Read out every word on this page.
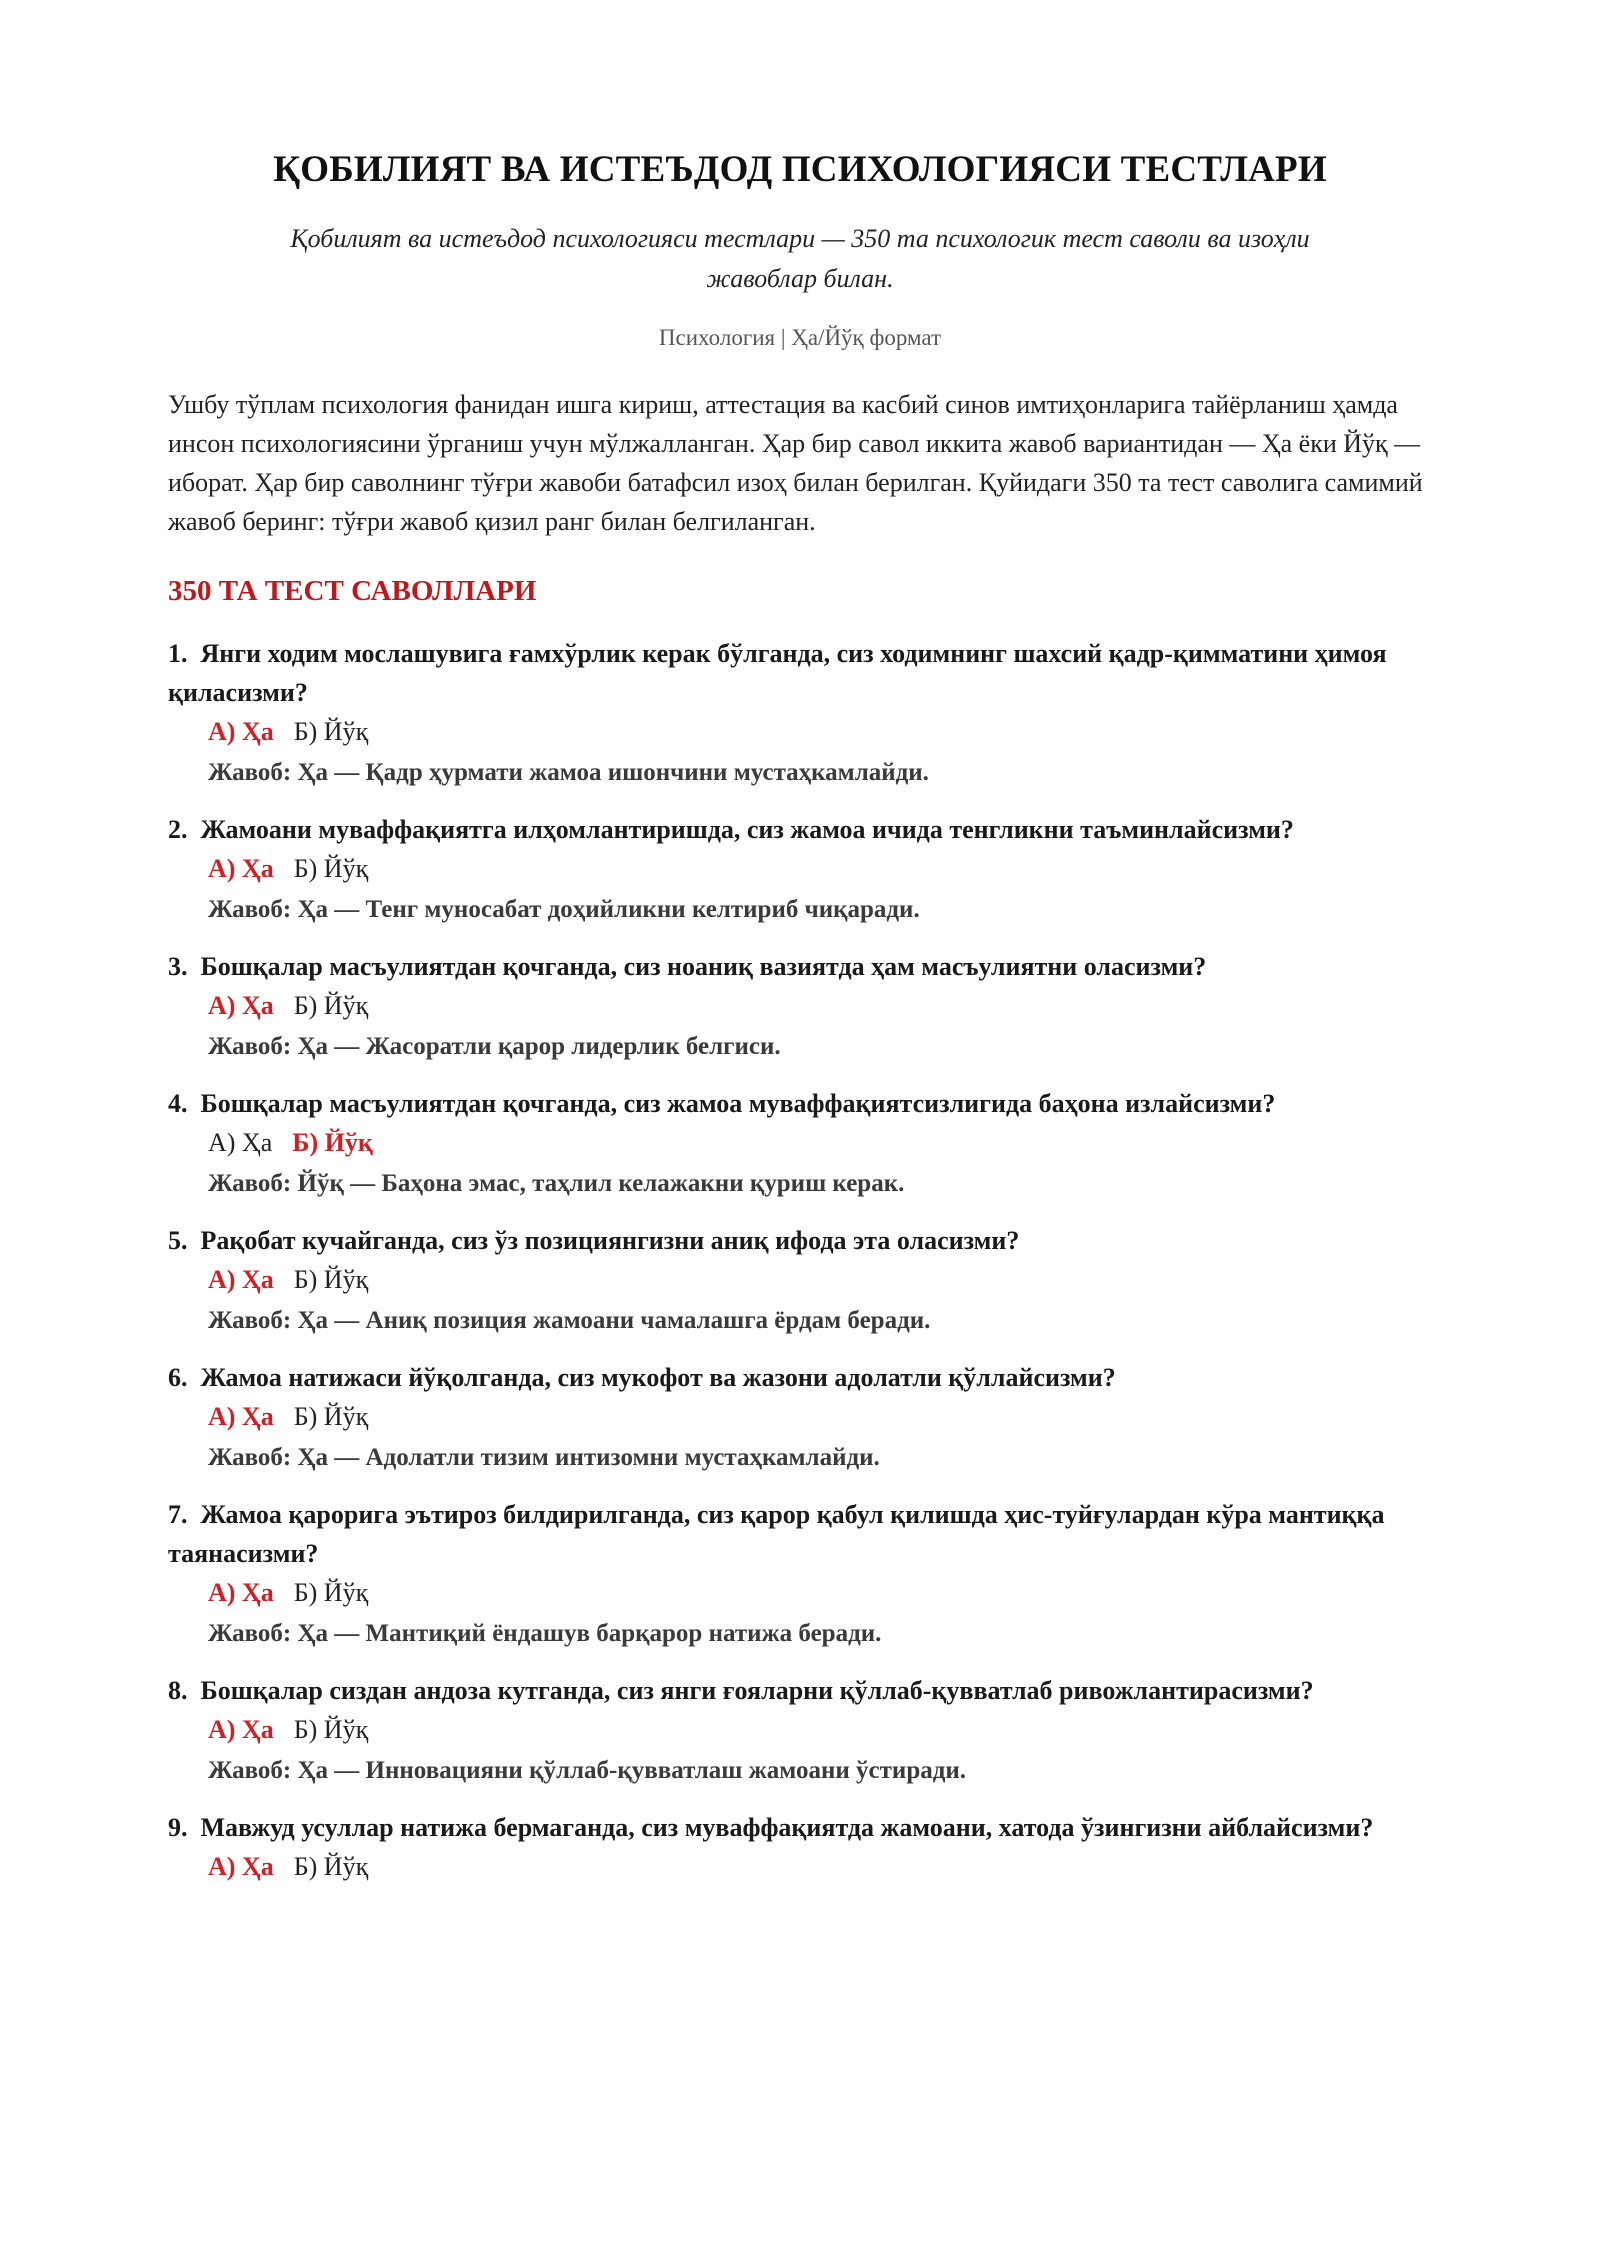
ҚОБИЛИЯТ ВА ИСТЕЪДОД ПСИХОЛОГИЯСИ ТЕСТЛАРИ
Қобилият ва истеъдод психологияси тестлари — 350 та психологик тест саволи ва изоҳли жавоблар билан.
Психология | Ҳа/Йўқ формат
Ушбу тўплам психология фанидан ишга кириш, аттестация ва касбий синов имтиҳонларига тайёрланиш ҳамда инсон психологиясини ўрганиш учун мўлжалланган. Ҳар бир савол иккита жавоб вариантидан — Ҳа ёки Йўқ — иборат. Ҳар бир саволнинг тўғри жавоби батафсил изоҳ билан берилган. Қуйидаги 350 та тест саволига самимий жавоб беринг: тўғри жавоб қизил ранг билан белгиланган.
350 ТА ТЕСТ САВОЛЛАРИ
1. Янги ходим мослашувига ғамхўрлик керак бўлганда, сиз ходимнинг шахсий қадр-қимматини ҳимоя қиласизми?
А) Ҳа Б) Йўқ
Жавоб: Ҳа — Қадр ҳурмати жамоа ишончини мустаҳкамлайди.
2. Жамоани муваффақиятга илҳомлантиришда, сиз жамоа ичида тенгликни таъминлайсизми?
А) Ҳа Б) Йўқ
Жавоб: Ҳа — Тенг муносабат доҳийликни келтириб чиқаради.
3. Бошқалар масъулиятдан қочганда, сиз ноаниқ вазиятда ҳам масъулиятни оласизми?
А) Ҳа Б) Йўқ
Жавоб: Ҳа — Жасоратли қарор лидерлик белгиси.
4. Бошқалар масъулиятдан қочганда, сиз жамоа муваффақиятсизлигида баҳона излайсизми?
А) Ҳа Б) Йўқ
Жавоб: Йўқ — Баҳона эмас, таҳлил келажакни қуриш керак.
5. Рақобат кучайганда, сиз ўз позициянгизни аниқ ифода эта оласизми?
А) Ҳа Б) Йўқ
Жавоб: Ҳа — Аниқ позиция жамоани чамалашга ёрдам беради.
6. Жамоа натижаси йўқолганда, сиз мукофот ва жазони адолатли қўллайсизми?
А) Ҳа Б) Йўқ
Жавоб: Ҳа — Адолатли тизим интизомни мустаҳкамлайди.
7. Жамоа қарорига эътироз билдирилганда, сиз қарор қабул қилишда ҳис-туйғулардан кўра мантиққа таянасизми?
А) Ҳа Б) Йўқ
Жавоб: Ҳа — Мантиқий ёндашув барқарор натижа беради.
8. Бошқалар сиздан андоза кутганда, сиз янги ғояларни қўллаб-қувватлаб ривожлантирасизми?
А) Ҳа Б) Йўқ
Жавоб: Ҳа — Инновацияни қўллаб-қувватлаш жамоани ўстиради.
9. Мавжуд усуллар натижа бермаганда, сиз муваффақиятда жамоани, хатода ўзингизни айблайсизми?
А) Ҳа Б) Йўқ
